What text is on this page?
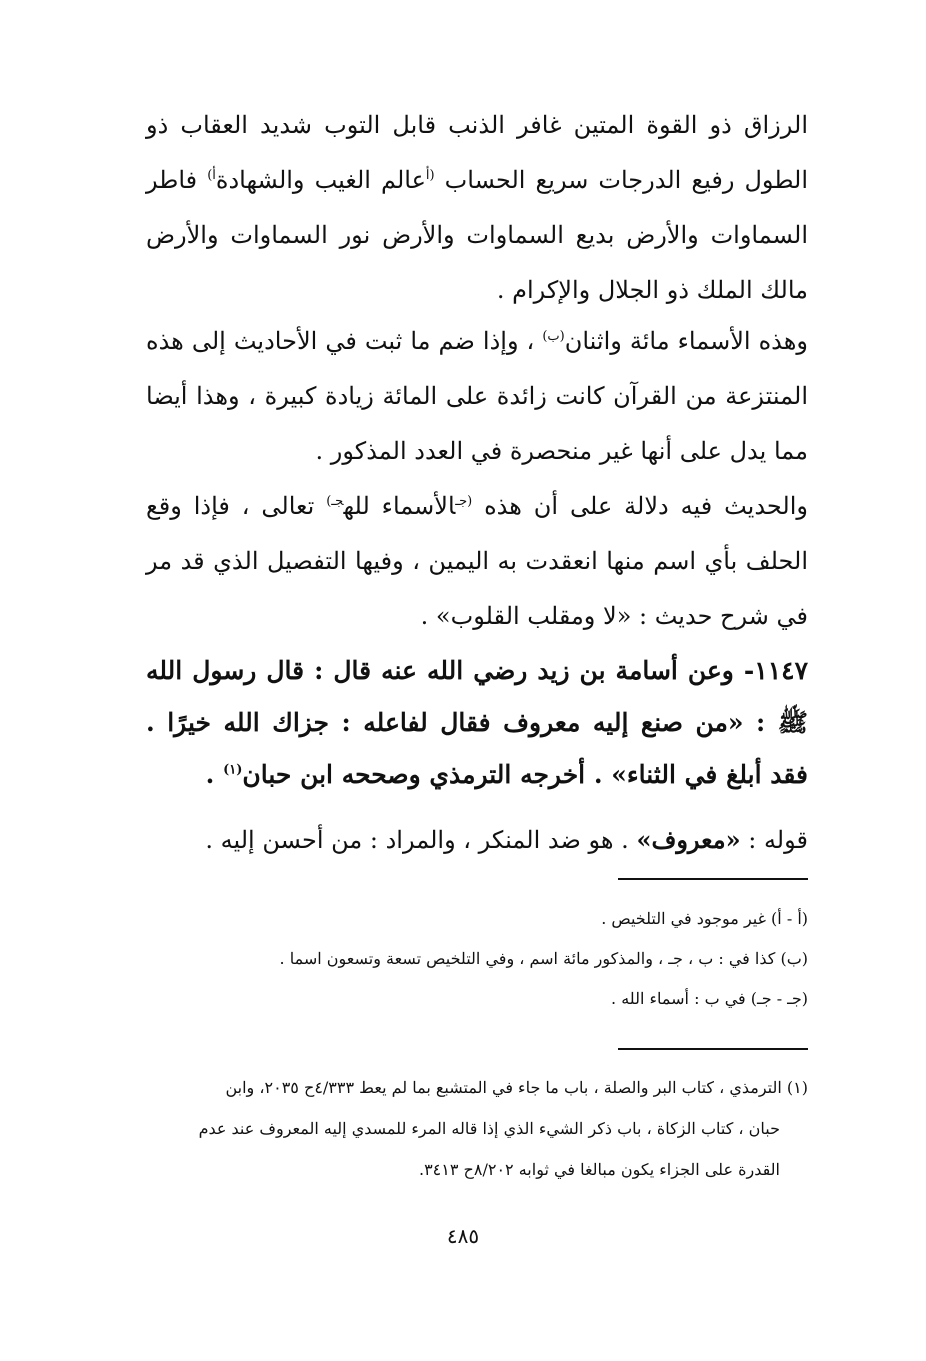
الرزاق ذو القوة المتين غافر الذنب قابل التوب شديد العقاب ذو الطول رفيع الدرجات سريع الحساب $^{(أ}$عالم الغيب والشهادة$^{أ)}$ فاطر السماوات والأرض بديع السماوات والأرض نور السماوات والأرض مالك الملك ذو الجلال والإكرام .

وهذه الأسماء مائة واثنان$^{(ب)}$ ، وإذا ضم ما ثبت في الأحاديث إلى هذه المنتزعة من القرآن كانت زائدة على المائة زيادة كبيرة ، وهذا أيضا مما يدل على أنها غير منحصرة في العدد المذكور .

والحديث فيه دلالة على أن هذه $^{(جـ}$الأسماء لله$^{جـ)}$ تعالى ، فإذا وقع الحلف بأي اسم منها انعقدت به اليمين ، وفيها التفصيل الذي قد مر في شرح حديث : «لا ومقلب القلوب» .

١١٤٧- وعن أسامة بن زيد رضي الله عنه قال : قال رسول الله ﷺ : «من صنع إليه معروف فقال لفاعله : جزاك الله خيرًا . فقد أبلغ في الثناء» . أخرجه الترمذي وصححه ابن حبان$^{(١)}$ .

قوله : «معروف» . هو ضد المنكر ، والمراد : من أحسن إليه .

(أ - أ) غير موجود في التلخيص .
(ب) كذا في : ب ، جـ ، والمذكور مائة اسم ، وفي التلخيص تسعة وتسعون اسما .
(جـ - جـ) في ب : أسماء الله .
(١) الترمذي ، كتاب البر والصلة ، باب ما جاء في المتشبع بما لم يعط ٤/٣٣٣ح ٢٠٣٥، وابن
حبان ، كتاب الزكاة ، باب ذكر الشيء الذي إذا قاله المرء للمسدي إليه المعروف عند عدم
القدرة على الجزاء يكون مبالغا في ثوابه ٨/٢٠٢ح ٣٤١٣.
٤٨٥
